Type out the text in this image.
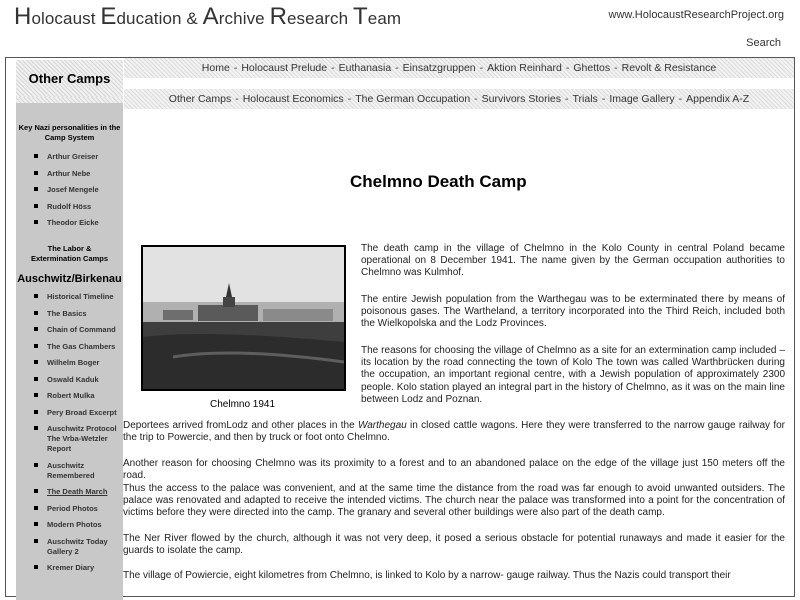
Holocaust Education & Archive Research Team	www.HolocaustResearchProject.org
Search
Other Camps
Key Nazi personalities in the Camp System
Arthur Greiser
Arthur Nebe
Josef Mengele
Rudolf Höss
Theodor Eicke
The Labor & Extermination Camps
Auschwitz/Birkenau
Historical Timeline
The Basics
Chain of Command
The Gas Chambers
Wilhelm Boger
Oswald Kaduk
Robert Mulka
Pery Broad Excerpt
Auschwitz Protocol The Vrba-Wetzler Report
Auschwitz Remembered
The Death March
Period Photos
Modern Photos
Auschwitz Today Gallery 2
Kremer Diary
Home - Holocaust Prelude - Euthanasia - Einsatzgruppen - Aktion Reinhard - Ghettos - Revolt & Resistance
Other Camps - Holocaust Economics - The German Occupation - Survivors Stories - Trials - Image Gallery - Appendix A-Z
Chelmno Death Camp
Chelmno 1941

The death camp in the village of Chelmno in the Kolo County in central Poland became operational on 8 December 1941. The name given by the German occupation authorities to Chelmno was Kulmhof.

The entire Jewish population from the Warthegau was to be exterminated there by means of poisonous gases. The Wartheland, a territory incorporated into the Third Reich, included both the Wielkopolska and the Lodz Provinces.

The reasons for choosing the village of Chelmno as a site for an extermination camp included – its location by the road connecting the town of Kolo The town was called Warthbrücken during the occupation, an important regional centre, with a Jewish population of approximately 2300 people. Kolo station played an integral part in the history of Chelmno, as it was on the main line between Lodz and Poznan.

Deportees arrived fromLodz and other places in the Warthegau in closed cattle wagons. Here they were transferred to the narrow gauge railway for the trip to Powercie, and then by truck or foot onto Chelmno.

Another reason for choosing Chelmno was its proximity to a forest and to an abandoned palace on the edge of the village just 150 meters off the road.

Thus the access to the palace was convenient, and at the same time the distance from the road was far enough to avoid unwanted outsiders. The palace was renovated and adapted to receive the intended victims. The church near the palace was transformed into a point for the concentration of victims before they were directed into the camp. The granary and several other buildings were also part of the death camp.

The Ner River flowed by the church, although it was not very deep, it posed a serious obstacle for potential runaways and made it easier for the guards to isolate the camp.

The village of Powiercie, eight kilometres from Chelmno, is linked to Kolo by a narrow- gauge railway. Thus the Nazis could transport their
